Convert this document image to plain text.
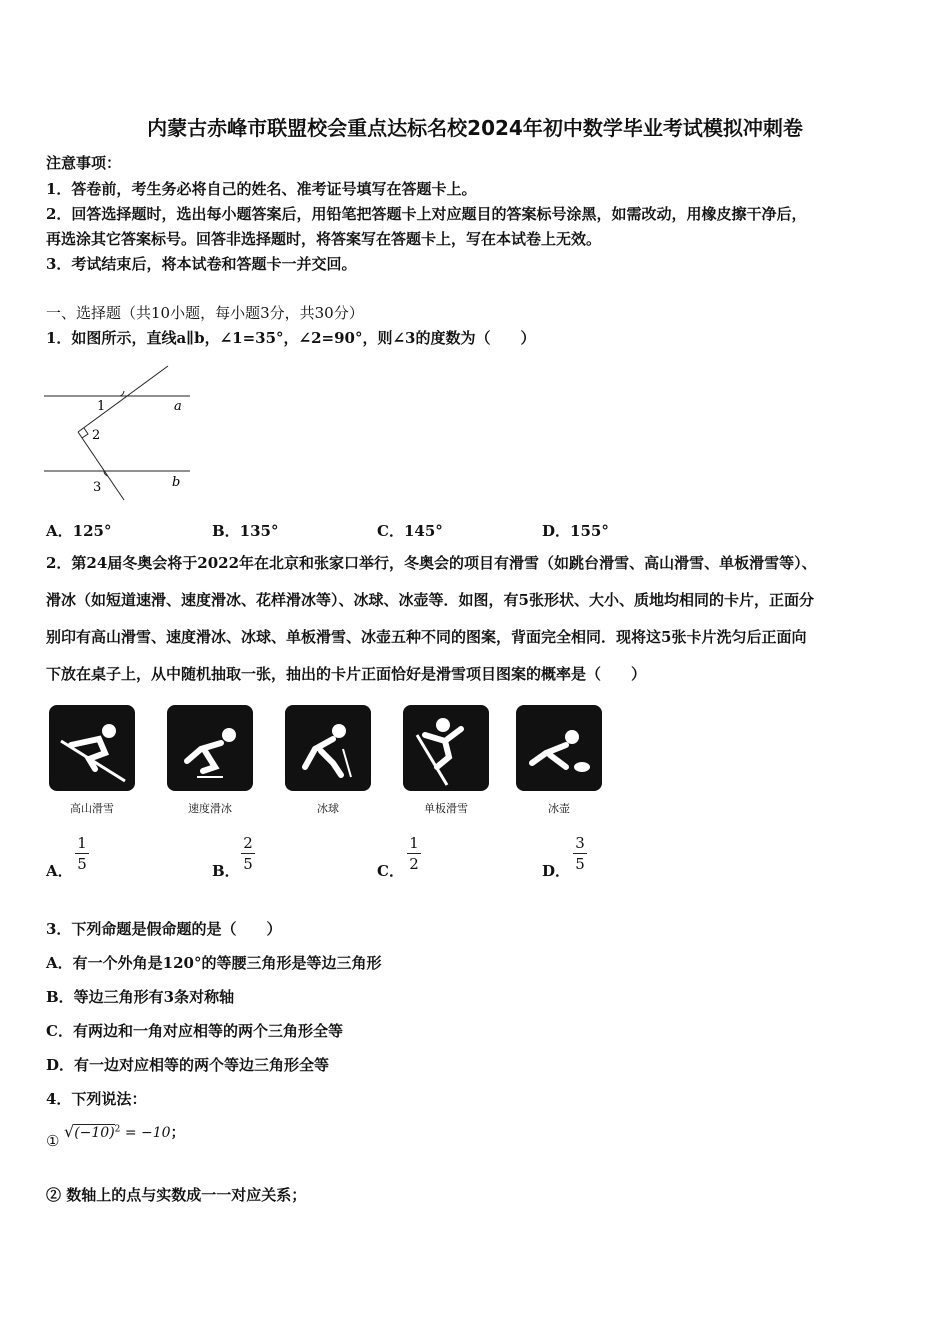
内蒙古赤峰市联盟校会重点达标名校2024年初中数学毕业考试模拟冲刺卷
注意事项：
1．答卷前，考生务必将自己的姓名、准考证号填写在答题卡上。
2．回答选择题时，选出每小题答案后，用铅笔把答题卡上对应题目的答案标号涂黑，如需改动，用橡皮擦干净后，
再选涂其它答案标号。回答非选择题时，将答案写在答题卡上，写在本试卷上无效。
3．考试结束后，将本试卷和答题卡一并交回。
一、选择题（共10小题，每小题3分，共30分）
1．如图所示，直线a∥b，∠1=35°，∠2=90°，则∠3的度数为（　　）
1
2
3
a
b
A．125°	B．135°	C．145°	D．155°
2．第24届冬奥会将于2022年在北京和张家口举行，冬奥会的项目有滑雪（如跳台滑雪、高山滑雪、单板滑雪等）、
滑冰（如短道速滑、速度滑冰、花样滑冰等）、冰球、冰壶等．如图，有5张形状、大小、质地均相同的卡片，正面分
别印有高山滑雪、速度滑冰、冰球、单板滑雪、冰壶五种不同的图案，背面完全相同．现将这5张卡片洗匀后正面向
下放在桌子上，从中随机抽取一张，抽出的卡片正面恰好是滑雪项目图案的概率是（　　）
高山滑雪	速度滑冰	冰球	单板滑雪	冰壶
A．
1
5	B．
2
5	C．
1
2	D．
3
5
3．下列命题是假命题的是（　　）
A．有一个外角是120°的等腰三角形是等边三角形
B．等边三角形有3条对称轴
C．有两边和一角对应相等的两个三角形全等
D．有一边对应相等的两个等边三角形全等
4．下列说法：
① $√(-10)^2 = -10$；
② 数轴上的点与实数成一一对应关系；
